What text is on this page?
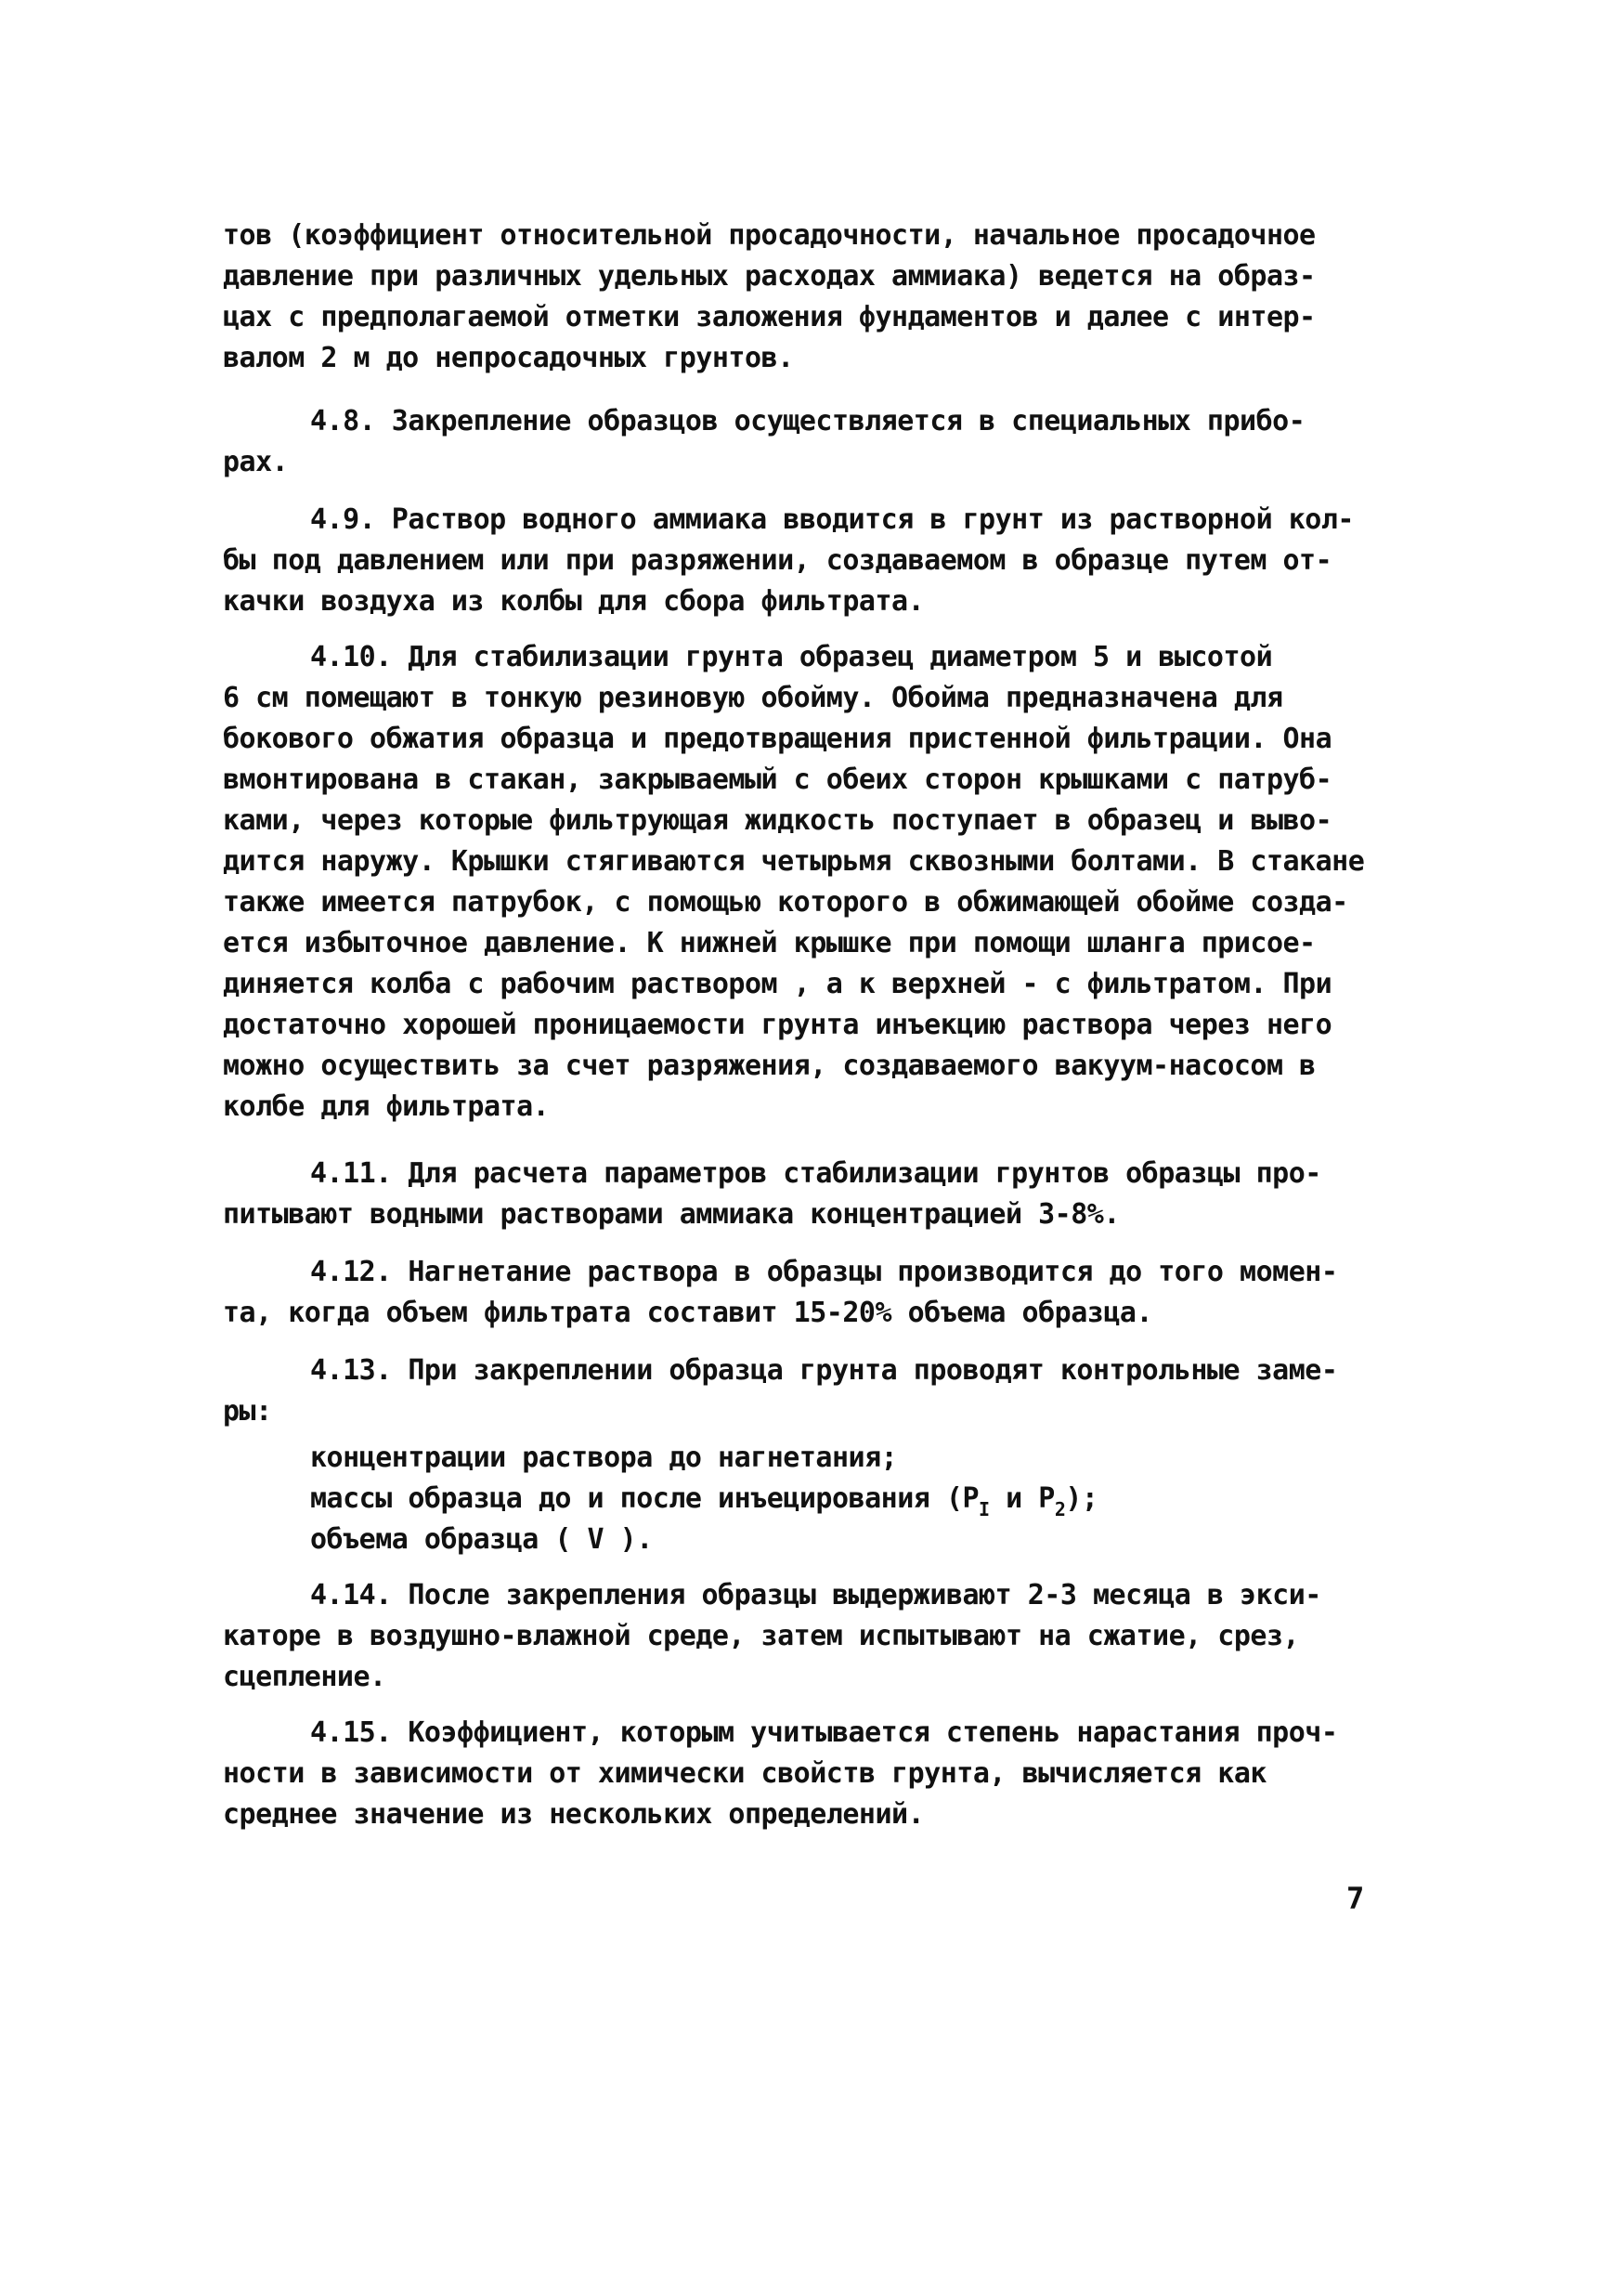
тов (коэффициент относительной просадочности, начальное просадочное
давление при различных удельных расходах аммиака) ведется на образ-
цах с предполагаемой отметки заложения фундаментов и далее с интер-
валом 2 м до непросадочных грунтов.
4.8. Закрепление образцов осуществляется в специальных прибо-
рах.
4.9. Раствор водного аммиака вводится в грунт из растворной кол-
бы под давлением или при разряжении, создаваемом в образце путем от-
качки воздуха из колбы для сбора фильтрата.
4.10. Для стабилизации грунта образец диаметром 5 и высотой
6 см помещают в тонкую резиновую обойму. Обойма предназначена для
бокового обжатия образца и предотвращения пристенной фильтрации. Она
вмонтирована в стакан, закрываемый с обеих сторон крышками с патруб-
ками, через которые фильтрующая жидкость поступает в образец и выво-
дится наружу. Крышки стягиваются четырьмя сквозными болтами. В стакане
также имеется патрубок, с помощью которого в обжимающей обойме созда-
ется избыточное давление. К нижней крышке при помощи шланга присое-
диняется колба с рабочим раствором , а к верхней - с фильтратом. При
достаточно хорошей проницаемости грунта инъекцию раствора через него
можно осуществить за счет разряжения, создаваемого вакуум-насосом в
колбе для фильтрата.
4.11. Для расчета параметров стабилизации грунтов образцы про-
питывают водными растворами аммиака концентрацией 3-8%.
4.12. Нагнетание раствора в образцы производится до того момен-
та, когда объем фильтрата составит 15-20% объема образца.
4.13. При закреплении образца грунта проводят контрольные заме-
ры:
концентрации раствора до нагнетания;
массы образца до и после инъецирования ($P_I$ и $P_2$);
объема образца ( V ).
4.14. После закрепления образцы выдерживают 2-3 месяца в экси-
каторе в воздушно-влажной среде, затем испытывают на сжатие, срез,
сцепление.
4.15. Коэффициент, которым учитывается степень нарастания проч-
ности в зависимости от химически свойств грунта, вычисляется как
среднее значение из нескольких определений.
7
